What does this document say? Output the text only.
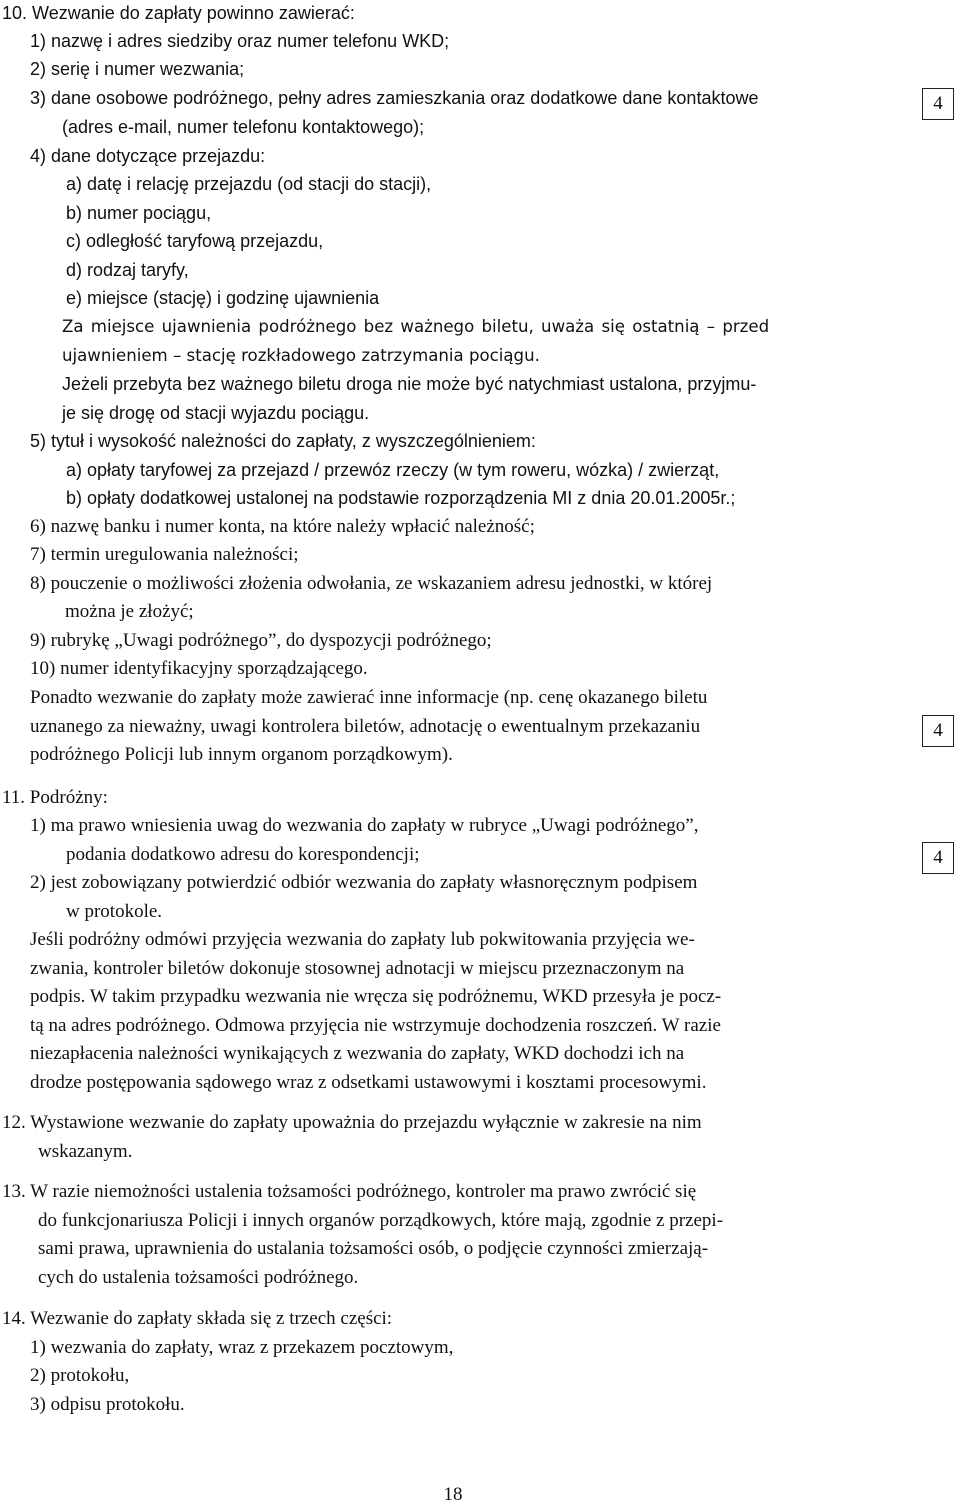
10. Wezwanie do zapłaty powinno zawierać:
1) nazwę i adres siedziby oraz numer telefonu WKD;
2) serię i numer wezwania;
3) dane osobowe podróżnego, pełny adres zamieszkania oraz dodatkowe dane kontaktowe
(adres e-mail, numer telefonu kontaktowego);
4) dane dotyczące przejazdu:
a) datę i relację przejazdu (od stacji do stacji),
b) numer pociągu,
c) odległość taryfową przejazdu,
d) rodzaj taryfy,
e) miejsce (stację) i godzinę ujawnienia
Za miejsce ujawnienia podróżnego bez ważnego biletu, uważa się ostatnią – przed
ujawnieniem – stację rozkładowego zatrzymania pociągu.
Jeżeli przebyta bez ważnego biletu droga nie może być natychmiast ustalona, przyjmu-
je się drogę od stacji wyjazdu pociągu.
5) tytuł i wysokość należności do zapłaty, z wyszczególnieniem:
a) opłaty taryfowej za przejazd / przewóz rzeczy (w tym roweru, wózka) / zwierząt,
b) opłaty dodatkowej ustalonej na podstawie rozporządzenia MI z dnia 20.01.2005r.;
6) nazwę banku i numer konta, na które należy wpłacić należność;
7) termin uregulowania należności;
8) pouczenie o możliwości złożenia odwołania, ze wskazaniem adresu jednostki, w której
można je złożyć;
9) rubrykę „Uwagi podróżnego”, do dyspozycji podróżnego;
10) numer identyfikacyjny sporządzającego.
Ponadto wezwanie do zapłaty może zawierać inne informacje (np. cenę okazanego biletu
uznanego za nieważny, uwagi kontrolera biletów, adnotację o ewentualnym przekazaniu
podróżnego Policji lub innym organom porządkowym).
11. Podróżny:
1) ma prawo wniesienia uwag do wezwania do zapłaty w rubryce „Uwagi podróżnego”,
podania dodatkowo adresu do korespondencji;
2) jest zobowiązany potwierdzić odbiór wezwania do zapłaty własnoręcznym podpisem
w protokole.
Jeśli podróżny odmówi przyjęcia wezwania do zapłaty lub pokwitowania przyjęcia we-
zwania, kontroler biletów dokonuje stosownej adnotacji w miejscu przeznaczonym na
podpis. W takim przypadku wezwania nie wręcza się podróżnemu, WKD przesyła je pocz-
tą na adres podróżnego. Odmowa przyjęcia nie wstrzymuje dochodzenia roszczeń. W razie
niezapłacenia należności wynikających z wezwania do zapłaty, WKD dochodzi ich na
drodze postępowania sądowego wraz z odsetkami ustawowymi i kosztami procesowymi.
12. Wystawione wezwanie do zapłaty upoważnia do przejazdu wyłącznie w zakresie na nim
wskazanym.
13. W razie niemożności ustalenia tożsamości podróżnego, kontroler ma prawo zwrócić się
do funkcjonariusza Policji i innych organów porządkowych, które mają, zgodnie z przepi-
sami prawa, uprawnienia do ustalania tożsamości osób, o podjęcie czynności zmierzają-
cych do ustalenia tożsamości podróżnego.
14. Wezwanie do zapłaty składa się z trzech części:
1) wezwania do zapłaty, wraz z przekazem pocztowym,
2) protokołu,
3) odpisu protokołu.
4
4
4
18
